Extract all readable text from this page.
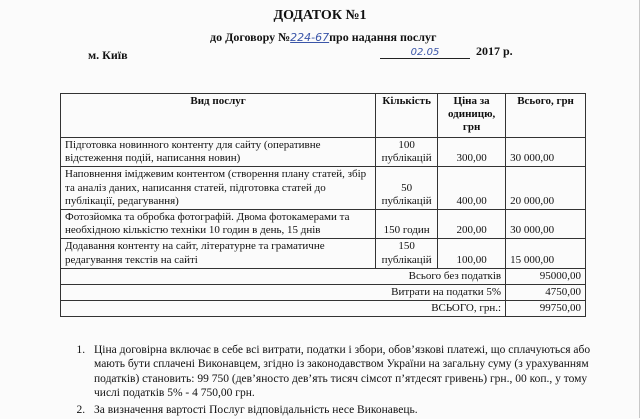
ДОДАТОК №1
до Договору №224-67про надання послуг
м. Київ	02.05	2017 р.
Вид послуг	Кількість	Ціна за одиницю, грн	Всього, грн
Підготовка новинного контенту для сайту (оперативне відстеження подій, написання новин)	100 публікацій	300,00	30 000,00
Наповнення іміджевим контентом (створення плану статей, збір та аналіз даних, написання статей, підготовка статей до публікації, редагування)	50 публікацій	400,00	20 000,00
Фотозйомка та обробка фотографій. Двома фотокамерами та необхідною кількістю техніки 10 годин в день, 15 днів	150 годин	200,00	30 000,00
Додавання контенту на сайт, літературне та граматичне редагування текстів на сайті	150 публікацій	100,00	15 000,00
Всього без податків			95000,00
Витрати на податки 5%			4750,00
ВСЬОГО, грн.:			99750,00
1. Ціна договірна включає в себе всі витрати, податки і збори, обов’язкові платежі, що сплачуються або мають бути сплачені Виконавцем, згідно із законодавством України на загальну суму (з урахуванням податків) становить: 99 750 (дев’яносто дев’ять тисяч сімсот п’ятдесят гривень) грн., 00 коп., у тому числі податків 5% - 4 750,00 грн.
2. За визначення вартості Послуг відповідальність несе Виконавець.
